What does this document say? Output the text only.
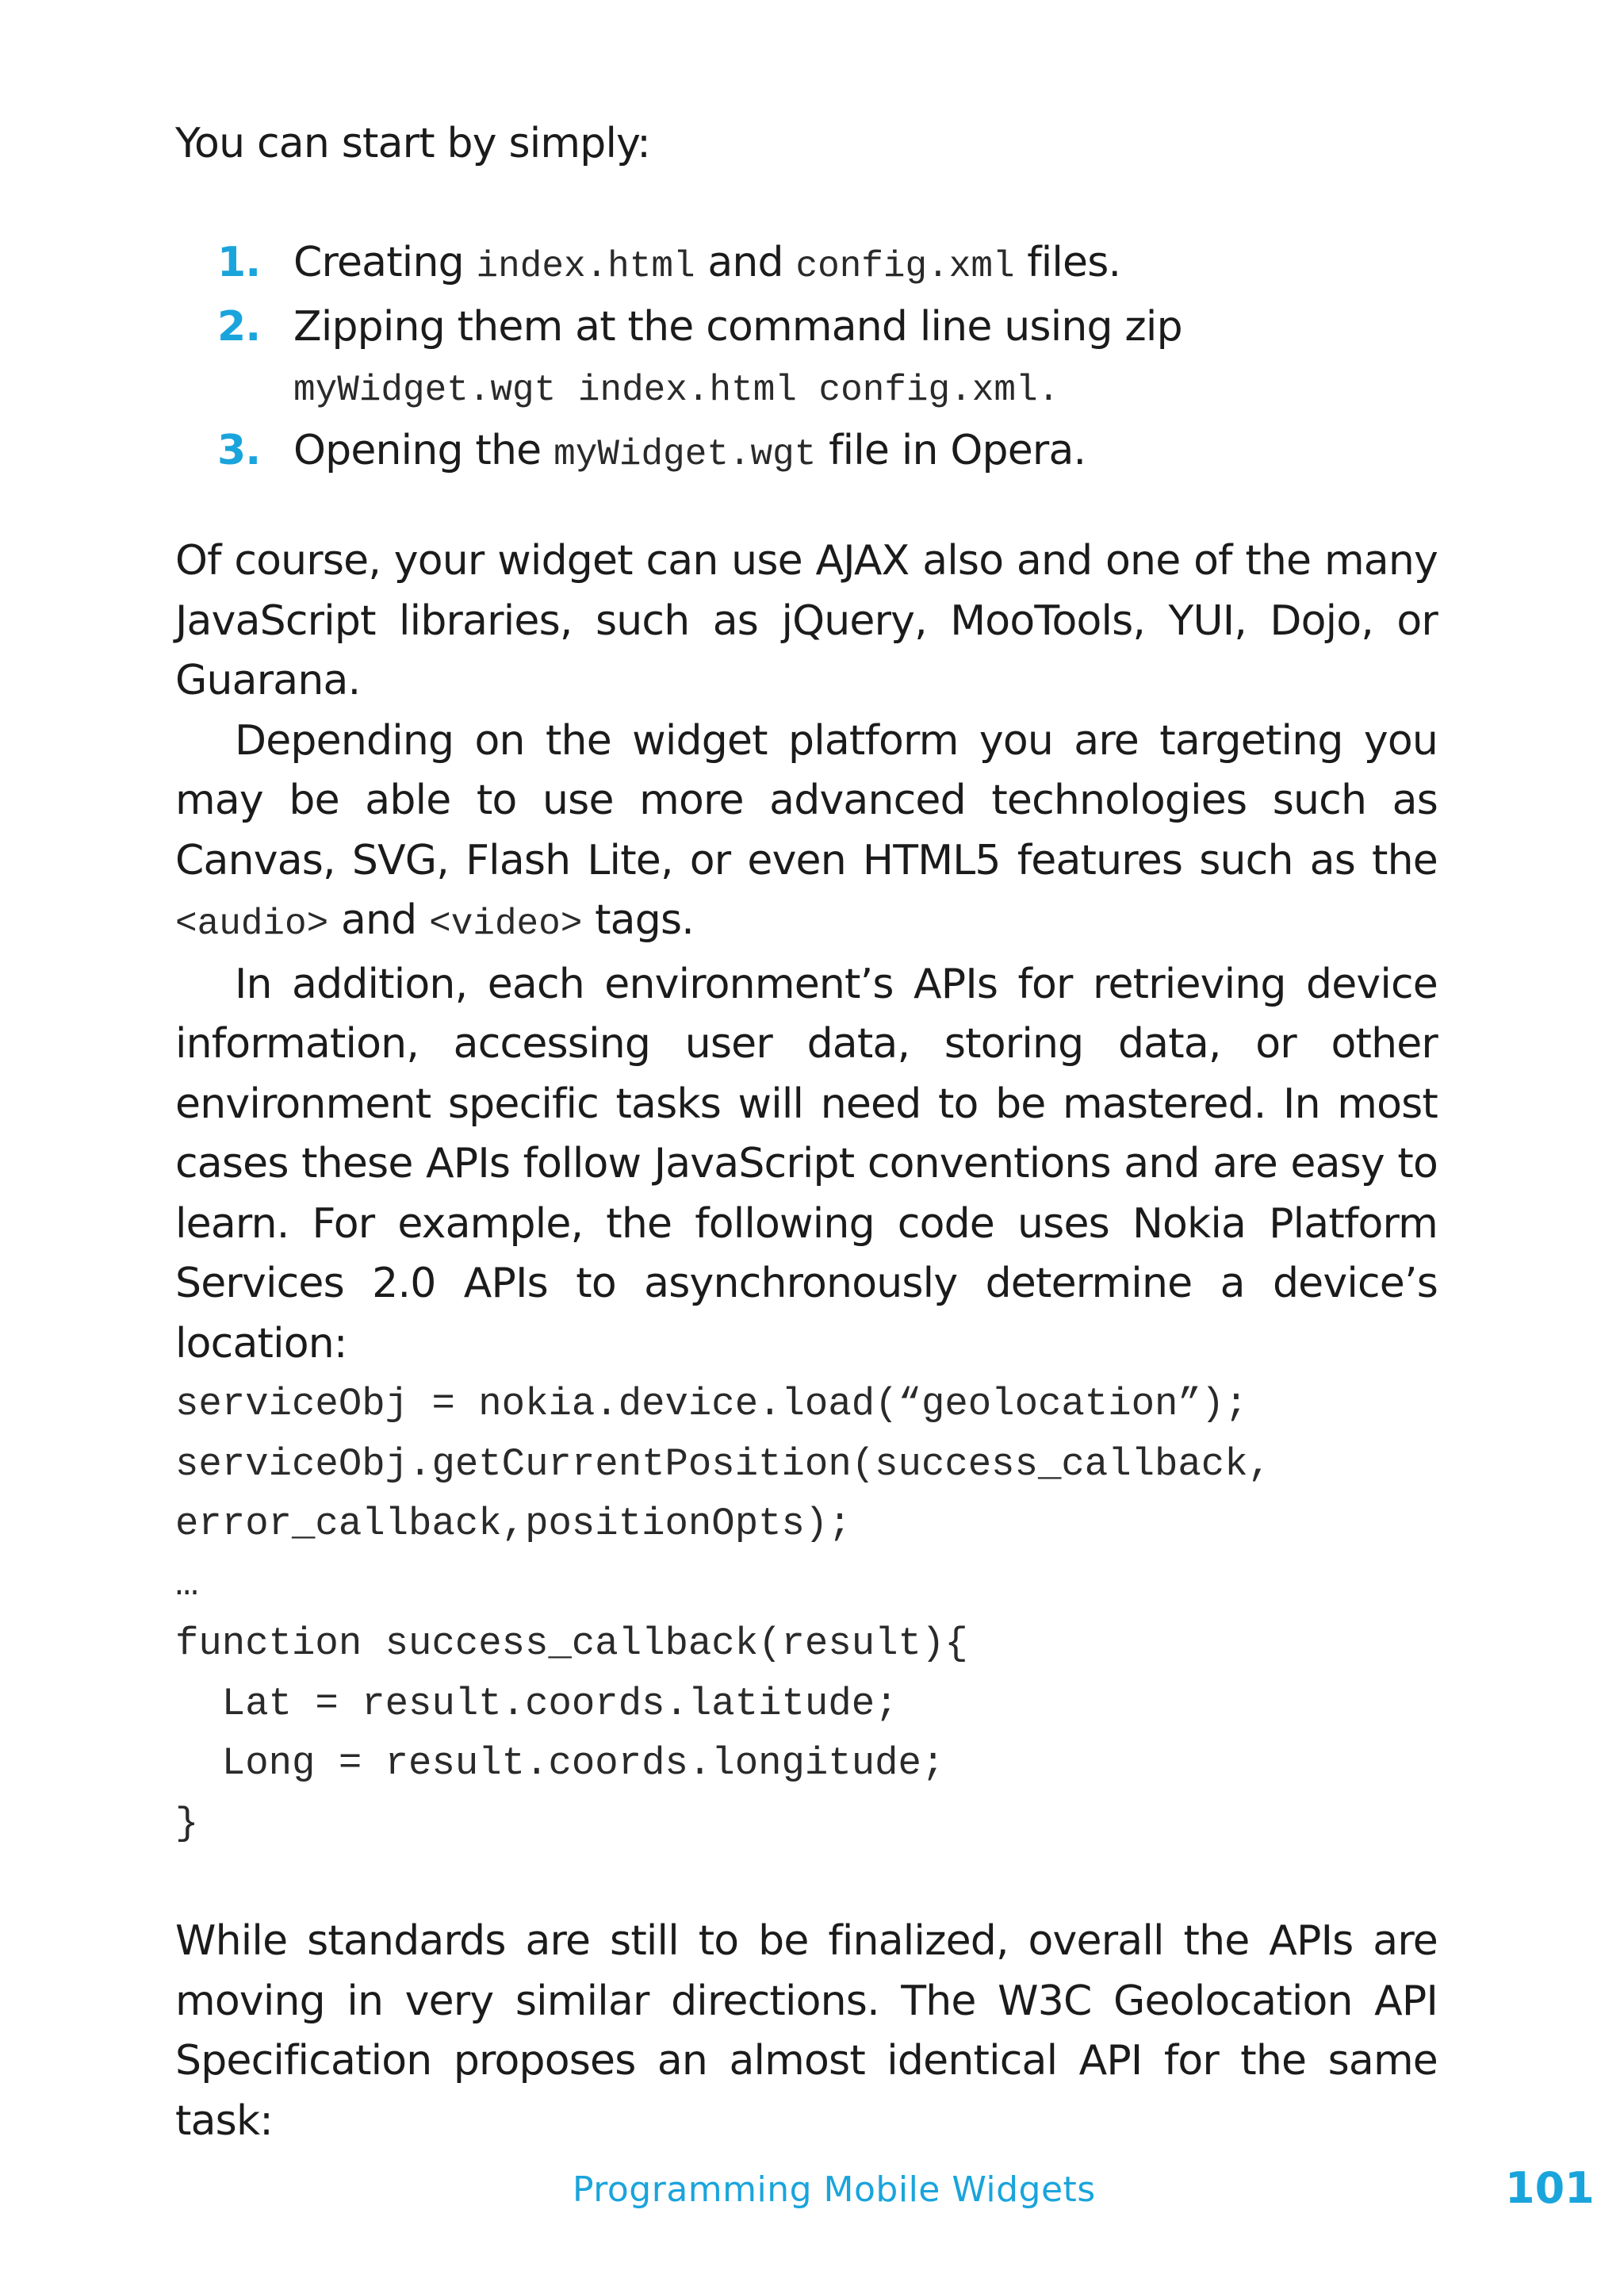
You can start by simply:
1. Creating index.html and config.xml files.
2. Zipping them at the command line using zip
myWidget.wgt index.html config.xml.
3. Opening the myWidget.wgt file in Opera.

Of course, your widget can use AJAX also and one of the many JavaScript libraries, such as jQuery, MooTools, YUI, Dojo, or Guarana.

Depending on the widget platform you are targeting you may be able to use more advanced technologies such as Canvas, SVG, Flash Lite, or even HTML5 features such as the <audio> and <video> tags.

In addition, each environment’s APIs for retrieving device information, accessing user data, storing data, or other environment specific tasks will need to be mastered. In most cases these APIs follow JavaScript conventions and are easy to learn. For example, the following code uses Nokia Platform Services 2.0 APIs to asynchronously determine a device’s location:

serviceObj = nokia.device.load(“geolocation”);
serviceObj.getCurrentPosition(success_callback,
error_callback,positionOpts);
…
function success_callback(result){
Lat = result.coords.latitude;
Long = result.coords.longitude;
}
While standards are still to be finalized, overall the APIs are moving in very similar directions. The W3C Geolocation API Specification proposes an almost identical API for the same task:
Programming Mobile Widgets	101
